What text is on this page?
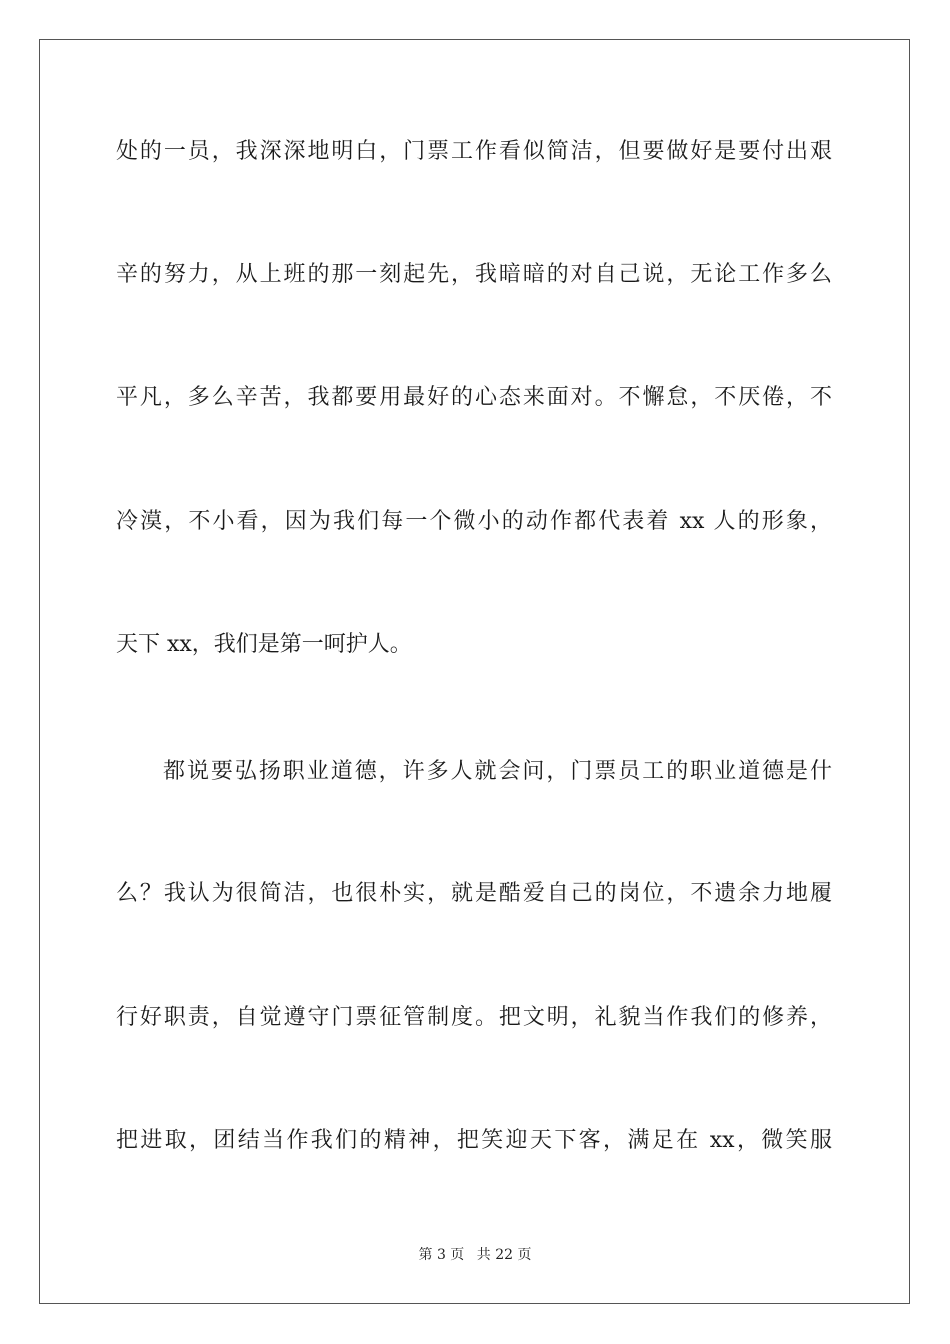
处的一员，我深深地明白，门票工作看似简洁，但要做好是要付出艰
辛的努力，从上班的那一刻起先，我暗暗的对自己说，无论工作多么
平凡，多么辛苦，我都要用最好的心态来面对。不懈怠，不厌倦，不
冷漠，不小看，因为我们每一个微小的动作都代表着 xx 人的形象，
天下 xx，我们是第一呵护人。
都说要弘扬职业道德，许多人就会问，门票员工的职业道德是什
么？我认为很简洁，也很朴实，就是酷爱自己的岗位，不遗余力地履
行好职责，自觉遵守门票征管制度。把文明，礼貌当作我们的修养，
把进取，团结当作我们的精神，把笑迎天下客，满足在 xx，微笑服
第 3 页 共 22 页
